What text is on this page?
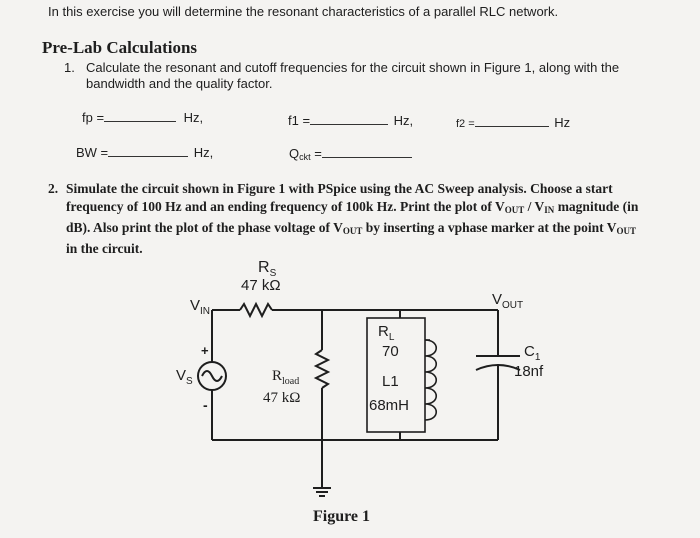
In this exercise you will determine the resonant characteristics of a parallel RLC network.
Pre-Lab Calculations
1. Calculate the resonant and cutoff frequencies for the circuit shown in Figure 1, along with the
bandwidth and the quality factor.
fp =	Hz,	f1 =	Hz,	f2 =	Hz
BW =	Hz,	$Q_{ckt}$ =
2. Simulate the circuit shown in Figure 1 with PSpice using the AC Sweep analysis. Choose a start frequency of 100 Hz and an ending frequency of 100k Hz. Print the plot of $V_{OUT} / V_{IN}$ magnitude (in dB). Also print the plot of the phase voltage of $V_{OUT}$ by inserting a vphase marker at the point $V_{OUT}$ in the circuit.
$R_S$
47 kΩ
$V_{IN}$
$V_S$
+
-
$R_{load}$
47 kΩ
$R_L$
70
L1
68mH
$V_{OUT}$
$C_1$
18nf
Figure 1
